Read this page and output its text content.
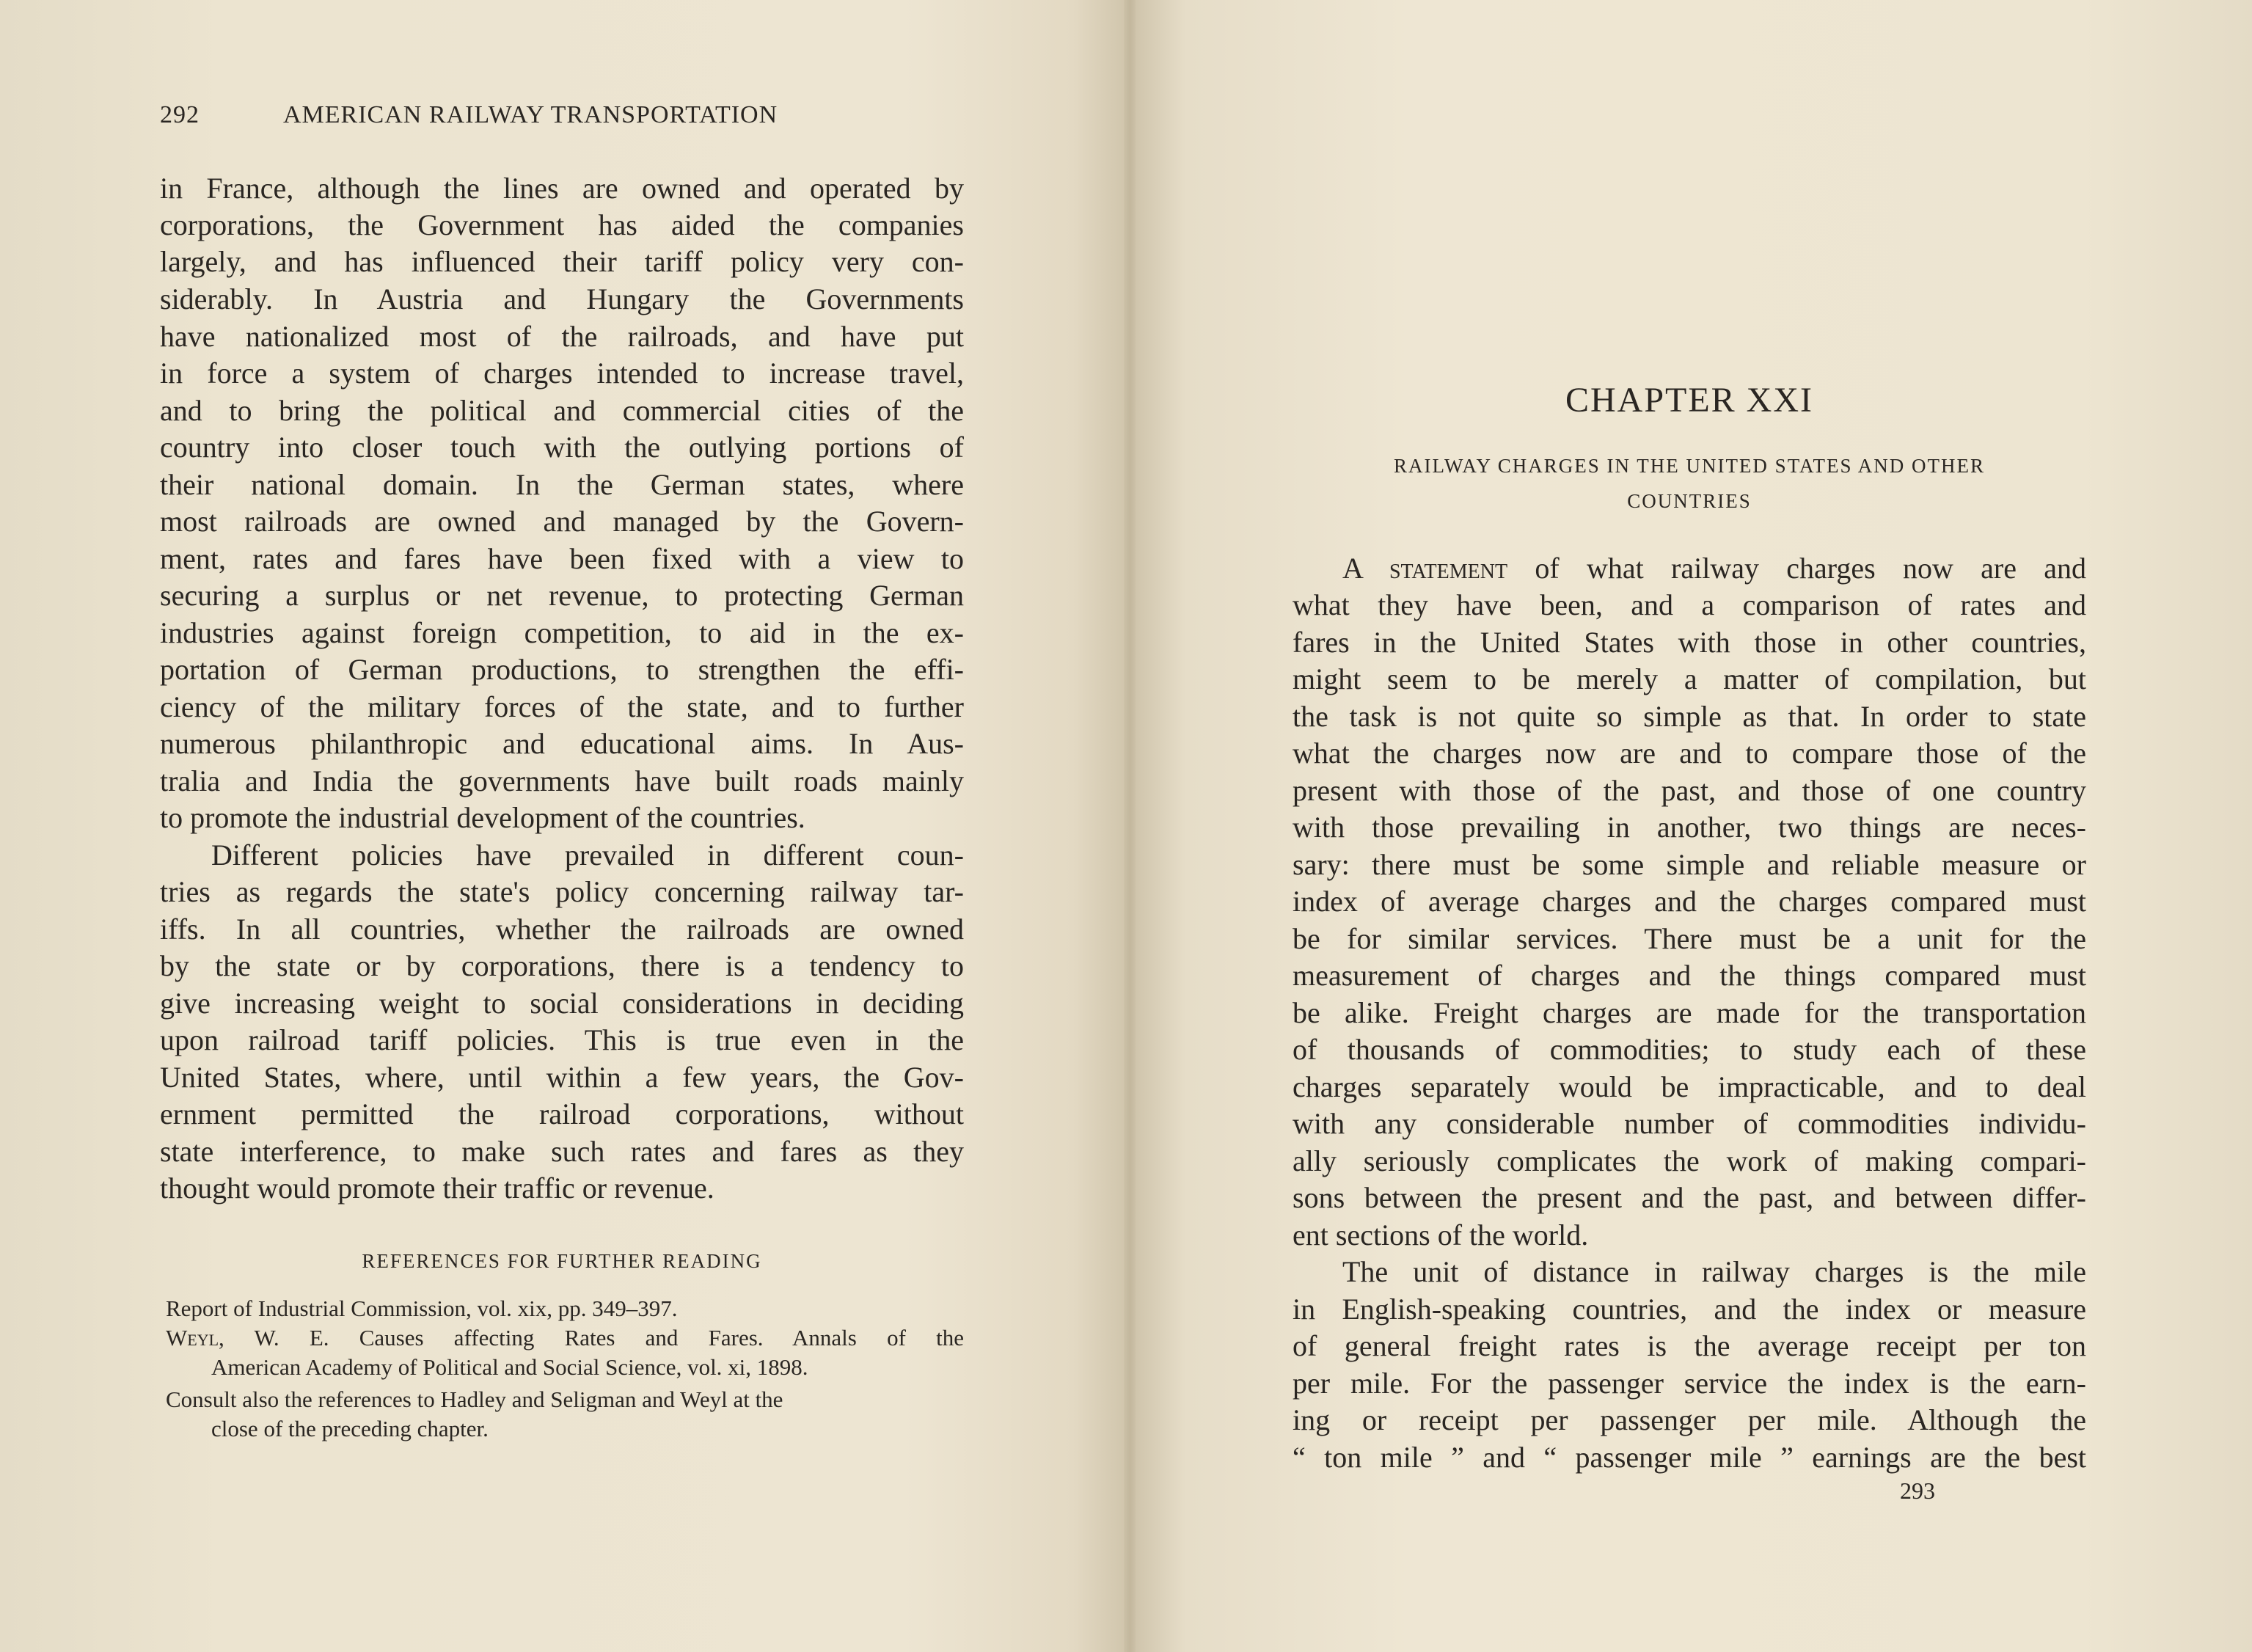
292	AMERICAN RAILWAY TRANSPORTATION
in France, although the lines are owned and operated by
corporations, the Government has aided the companies
largely, and has influenced their tariff policy very con-
siderably. In Austria and Hungary the Governments
have nationalized most of the railroads, and have put
in force a system of charges intended to increase travel,
and to bring the political and commercial cities of the
country into closer touch with the outlying portions of
their national domain. In the German states, where
most railroads are owned and managed by the Govern-
ment, rates and fares have been fixed with a view to
securing a surplus or net revenue, to protecting German
industries against foreign competition, to aid in the ex-
portation of German productions, to strengthen the effi-
ciency of the military forces of the state, and to further
numerous philanthropic and educational aims. In Aus-
tralia and India the governments have built roads mainly
to promote the industrial development of the countries.
Different policies have prevailed in different coun-
tries as regards the state's policy concerning railway tar-
iffs. In all countries, whether the railroads are owned
by the state or by corporations, there is a tendency to
give increasing weight to social considerations in deciding
upon railroad tariff policies. This is true even in the
United States, where, until within a few years, the Gov-
ernment permitted the railroad corporations, without
state interference, to make such rates and fares as they
thought would promote their traffic or revenue.
REFERENCES FOR FURTHER READING
Report of Industrial Commission, vol. xix, pp. 349–397.
Weyl, W. E. Causes affecting Rates and Fares. Annals of the
American Academy of Political and Social Science, vol. xi, 1898.
Consult also the references to Hadley and Seligman and Weyl at the
close of the preceding chapter.
CHAPTER XXI
RAILWAY CHARGES IN THE UNITED STATES AND OTHER
COUNTRIES
A statement of what railway charges now are and
what they have been, and a comparison of rates and
fares in the United States with those in other countries,
might seem to be merely a matter of compilation, but
the task is not quite so simple as that. In order to state
what the charges now are and to compare those of the
present with those of the past, and those of one country
with those prevailing in another, two things are neces-
sary: there must be some simple and reliable measure or
index of average charges and the charges compared must
be for similar services. There must be a unit for the
measurement of charges and the things compared must
be alike. Freight charges are made for the transportation
of thousands of commodities; to study each of these
charges separately would be impracticable, and to deal
with any considerable number of commodities individu-
ally seriously complicates the work of making compari-
sons between the present and the past, and between differ-
ent sections of the world.
The unit of distance in railway charges is the mile
in English-speaking countries, and the index or measure
of general freight rates is the average receipt per ton
per mile. For the passenger service the index is the earn-
ing or receipt per passenger per mile. Although the
“ ton mile ” and “ passenger mile ” earnings are the best
293
